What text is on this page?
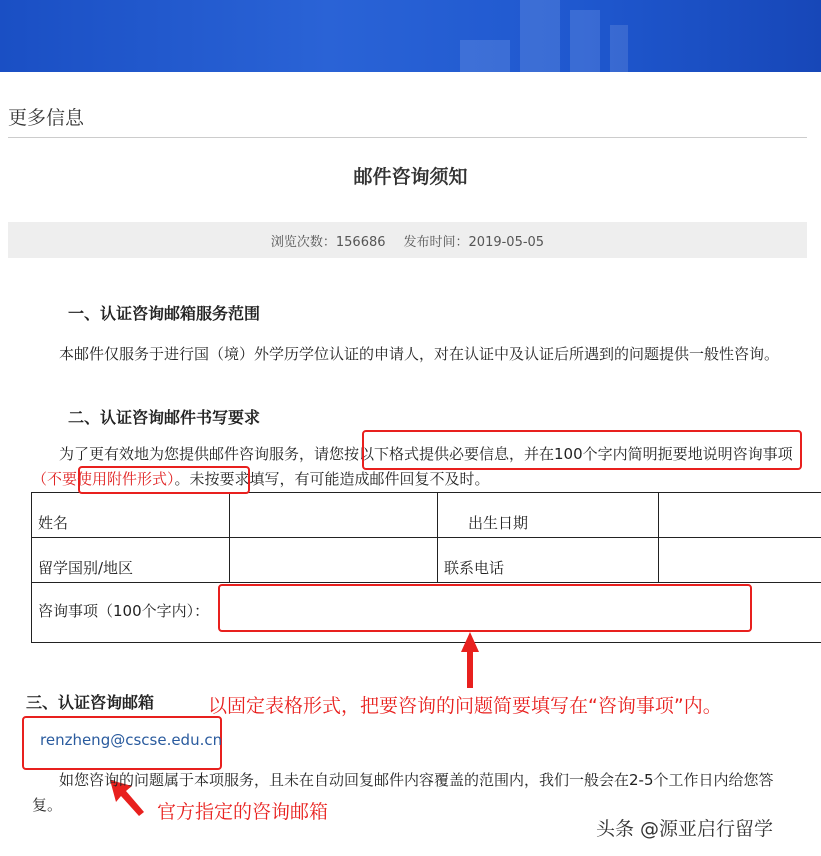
更多信息
邮件咨询须知
浏览次数：156686 发布时间：2019-05-05
一、认证咨询邮箱服务范围
本邮件仅服务于进行国（境）外学历学位认证的申请人，对在认证中及认证后所遇到的问题提供一般性咨询。
二、认证咨询邮件书写要求
为了更有效地为您提供邮件咨询服务，请您按以下格式提供必要信息，并在100个字内简明扼要地说明咨询事项（不要使用附件形式）。未按要求填写，有可能造成邮件回复不及时。
姓名		出生日期	
留学国别/地区		联系电话	
咨询事项（100个字内）：			
三、认证咨询邮箱	以固定表格形式，把要咨询的问题简要填写在“咨询事项”内。
renzheng@cscse.edu.cn
如您咨询的问题属于本项服务，且未在自动回复邮件内容覆盖的范围内，我们一般会在2-5个工作日内给您答复。	官方指定的咨询邮箱
头条 @源亚启行留学
